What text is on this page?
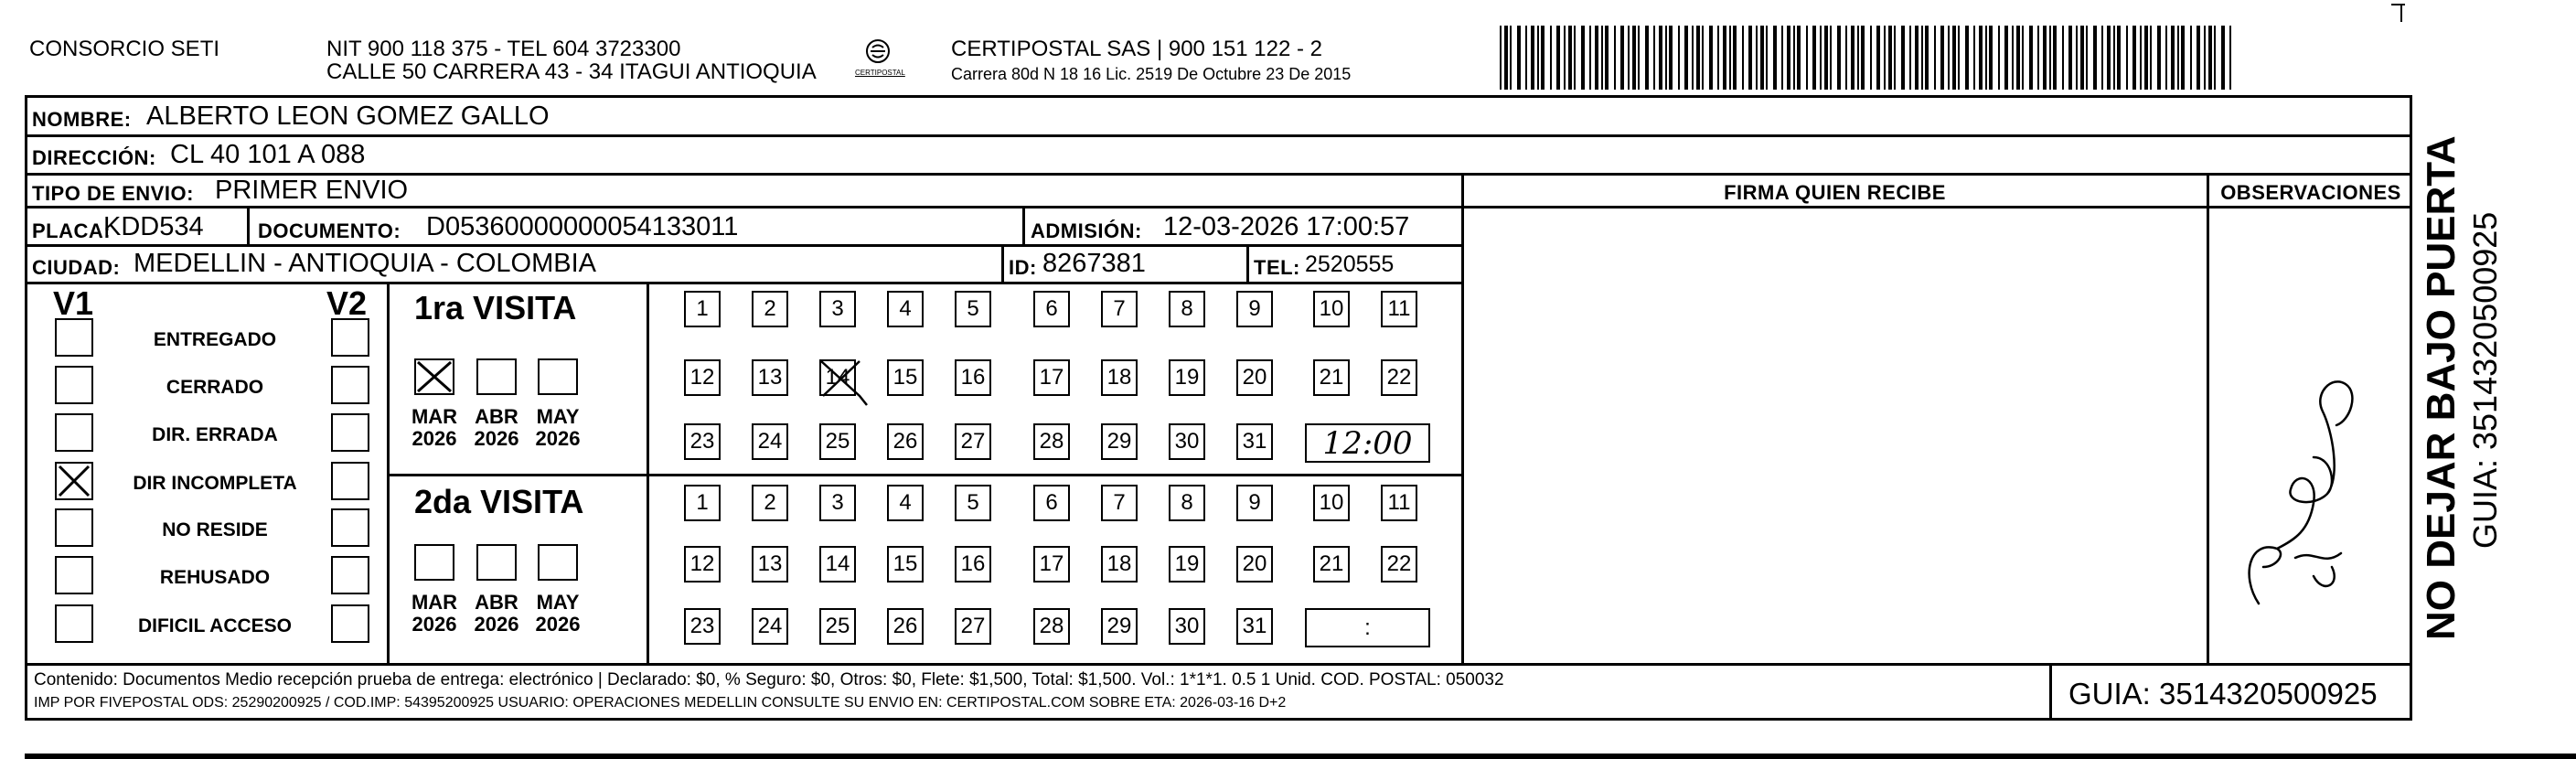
CONSORCIO SETI	NIT 900 118 375 - TEL 604 3723300
CALLE 50 CARRERA 43 - 34 ITAGUI ANTIOQUIA	CERTIPOSTAL
CERTIPOSTAL SAS | 900 151 122 - 2
Carrera 80d N 18 16 Lic. 2519 De Octubre 23 De 2015
NOMBRE: ALBERTO LEON GOMEZ GALLO
DIRECCIÓN: CL 40 101 A 088
TIPO DE ENVIO: PRIMER ENVIO	FIRMA QUIEN RECIBE	OBSERVACIONES
PLACA:
KDD534	DOCUMENTO: D05360000000054133011	ADMISIÓN: 12-03-2026 17:00:57
CIUDAD: MEDELLIN - ANTIOQUIA - COLOMBIA	ID: 8267381	TEL: 2520555
V1	V2
ENTREGADO
CERRADO
DIR. ERRADA
DIR INCOMPLETA
NO RESIDE
REHUSADO
DIFICIL ACCESO
1ra VISITA
2da VISITA
1	2	3	4	5	6	7	8	9	10 11
12 13 14 15 16 17 18 19 20 21 22
23 24 25 26 27 28 29 30 31 12:00
MAR
2026
ABR
2026
MAY
2026
1	2	3	4	5	6	7	8	9	10 11
12 13 14 15 16 17 18 19 20 21 22
23 24 25 26 27 28 29 30 31	:
MAR
2026
ABR
2026
MAY
2026
Contenido: Documentos Medio recepción prueba de entrega: electrónico | Declarado: $0, % Seguro: $0, Otros: $0, Flete: $1,500, Total: $1,500. Vol.: 1*1*1. 0.5 1 Unid. COD. POSTAL: 050032
IMP POR FIVEPOSTAL ODS: 25290200925 / COD.IMP: 54395200925 USUARIO: OPERACIONES MEDELLIN CONSULTE SU ENVIO EN: CERTIPOSTAL.COM SOBRE ETA: 2026-03-16 D+2	GUIA: 3514320500925
NO DEJAR BAJO PUERTA GUIA: 3514320500925
